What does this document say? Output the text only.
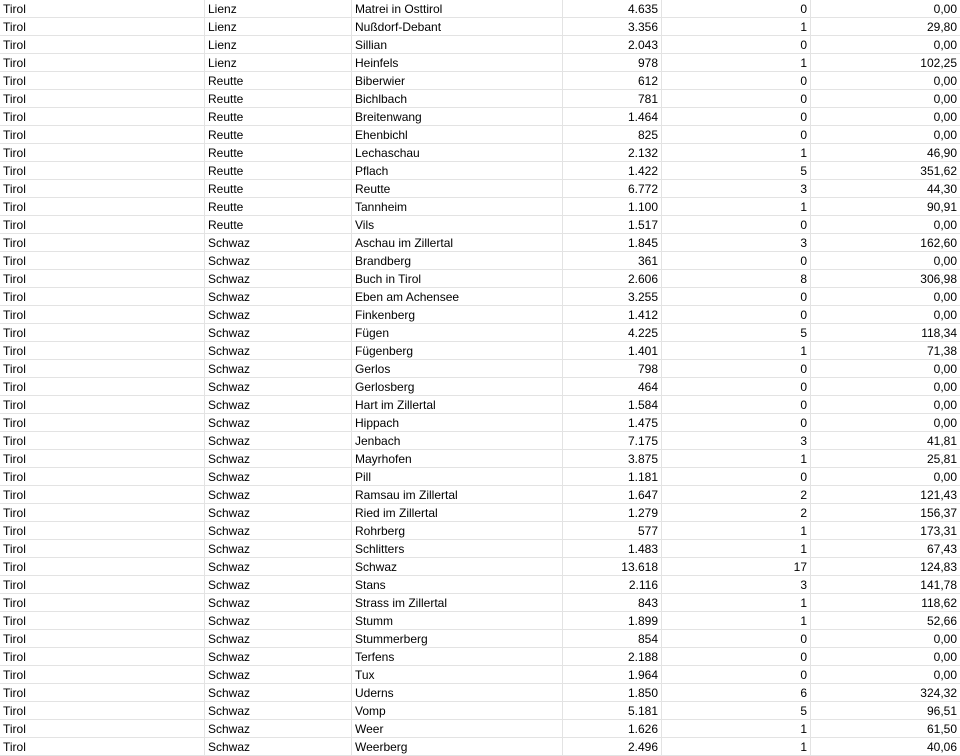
Tirol	Lienz	Matrei in Osttirol	4.635	0	0,00
Tirol	Lienz	Nußdorf-Debant	3.356	1	29,80
Tirol	Lienz	Sillian	2.043	0	0,00
Tirol	Lienz	Heinfels	978	1	102,25
Tirol	Reutte	Biberwier	612	0	0,00
Tirol	Reutte	Bichlbach	781	0	0,00
Tirol	Reutte	Breitenwang	1.464	0	0,00
Tirol	Reutte	Ehenbichl	825	0	0,00
Tirol	Reutte	Lechaschau	2.132	1	46,90
Tirol	Reutte	Pflach	1.422	5	351,62
Tirol	Reutte	Reutte	6.772	3	44,30
Tirol	Reutte	Tannheim	1.100	1	90,91
Tirol	Reutte	Vils	1.517	0	0,00
Tirol	Schwaz	Aschau im Zillertal	1.845	3	162,60
Tirol	Schwaz	Brandberg	361	0	0,00
Tirol	Schwaz	Buch in Tirol	2.606	8	306,98
Tirol	Schwaz	Eben am Achensee	3.255	0	0,00
Tirol	Schwaz	Finkenberg	1.412	0	0,00
Tirol	Schwaz	Fügen	4.225	5	118,34
Tirol	Schwaz	Fügenberg	1.401	1	71,38
Tirol	Schwaz	Gerlos	798	0	0,00
Tirol	Schwaz	Gerlosberg	464	0	0,00
Tirol	Schwaz	Hart im Zillertal	1.584	0	0,00
Tirol	Schwaz	Hippach	1.475	0	0,00
Tirol	Schwaz	Jenbach	7.175	3	41,81
Tirol	Schwaz	Mayrhofen	3.875	1	25,81
Tirol	Schwaz	Pill	1.181	0	0,00
Tirol	Schwaz	Ramsau im Zillertal	1.647	2	121,43
Tirol	Schwaz	Ried im Zillertal	1.279	2	156,37
Tirol	Schwaz	Rohrberg	577	1	173,31
Tirol	Schwaz	Schlitters	1.483	1	67,43
Tirol	Schwaz	Schwaz	13.618	17	124,83
Tirol	Schwaz	Stans	2.116	3	141,78
Tirol	Schwaz	Strass im Zillertal	843	1	118,62
Tirol	Schwaz	Stumm	1.899	1	52,66
Tirol	Schwaz	Stummerberg	854	0	0,00
Tirol	Schwaz	Terfens	2.188	0	0,00
Tirol	Schwaz	Tux	1.964	0	0,00
Tirol	Schwaz	Uderns	1.850	6	324,32
Tirol	Schwaz	Vomp	5.181	5	96,51
Tirol	Schwaz	Weer	1.626	1	61,50
Tirol	Schwaz	Weerberg	2.496	1	40,06
